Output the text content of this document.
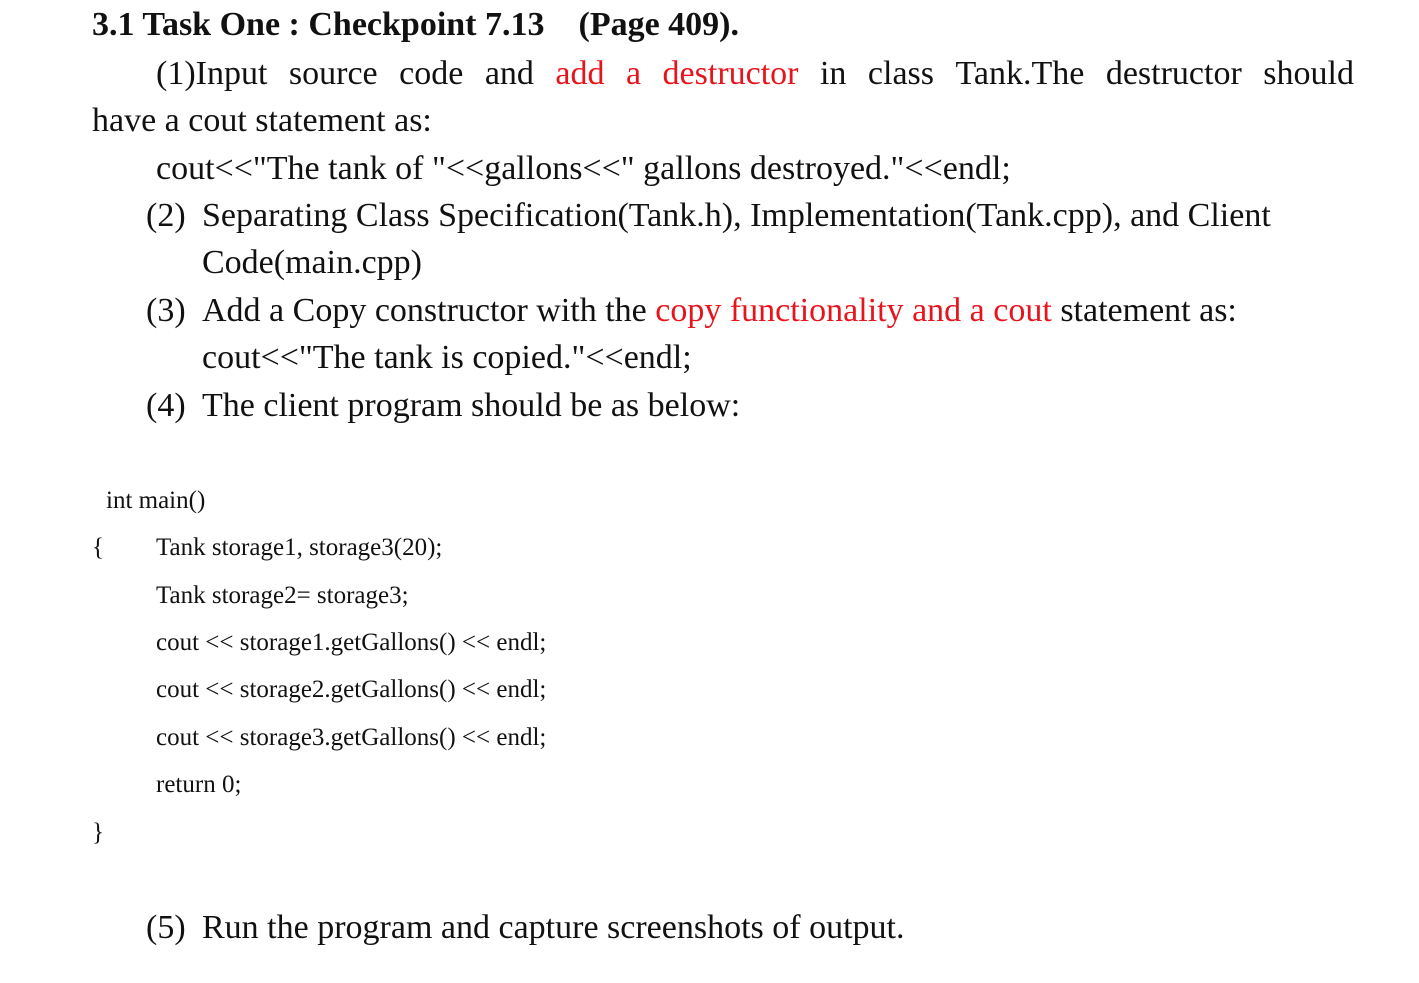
3.1 Task One : Checkpoint 7.13 (Page 409).
(1)Input source code and add a destructor in class Tank.The destructor should
have a cout statement as:
cout<<"The tank of "<<gallons<<" gallons destroyed."<<endl;
(2) Separating Class Specification(Tank.h), Implementation(Tank.cpp), and Client
Code(main.cpp)
(3) Add a Copy constructor with the copy functionality and a cout statement as:
cout<<"The tank is copied."<<endl;
(4) The client program should be as below:
int main()
{ Tank storage1, storage3(20);
Tank storage2= storage3;
cout << storage1.getGallons() << endl;
cout << storage2.getGallons() << endl;
cout << storage3.getGallons() << endl;
return 0;
}
(5) Run the program and capture screenshots of output.
